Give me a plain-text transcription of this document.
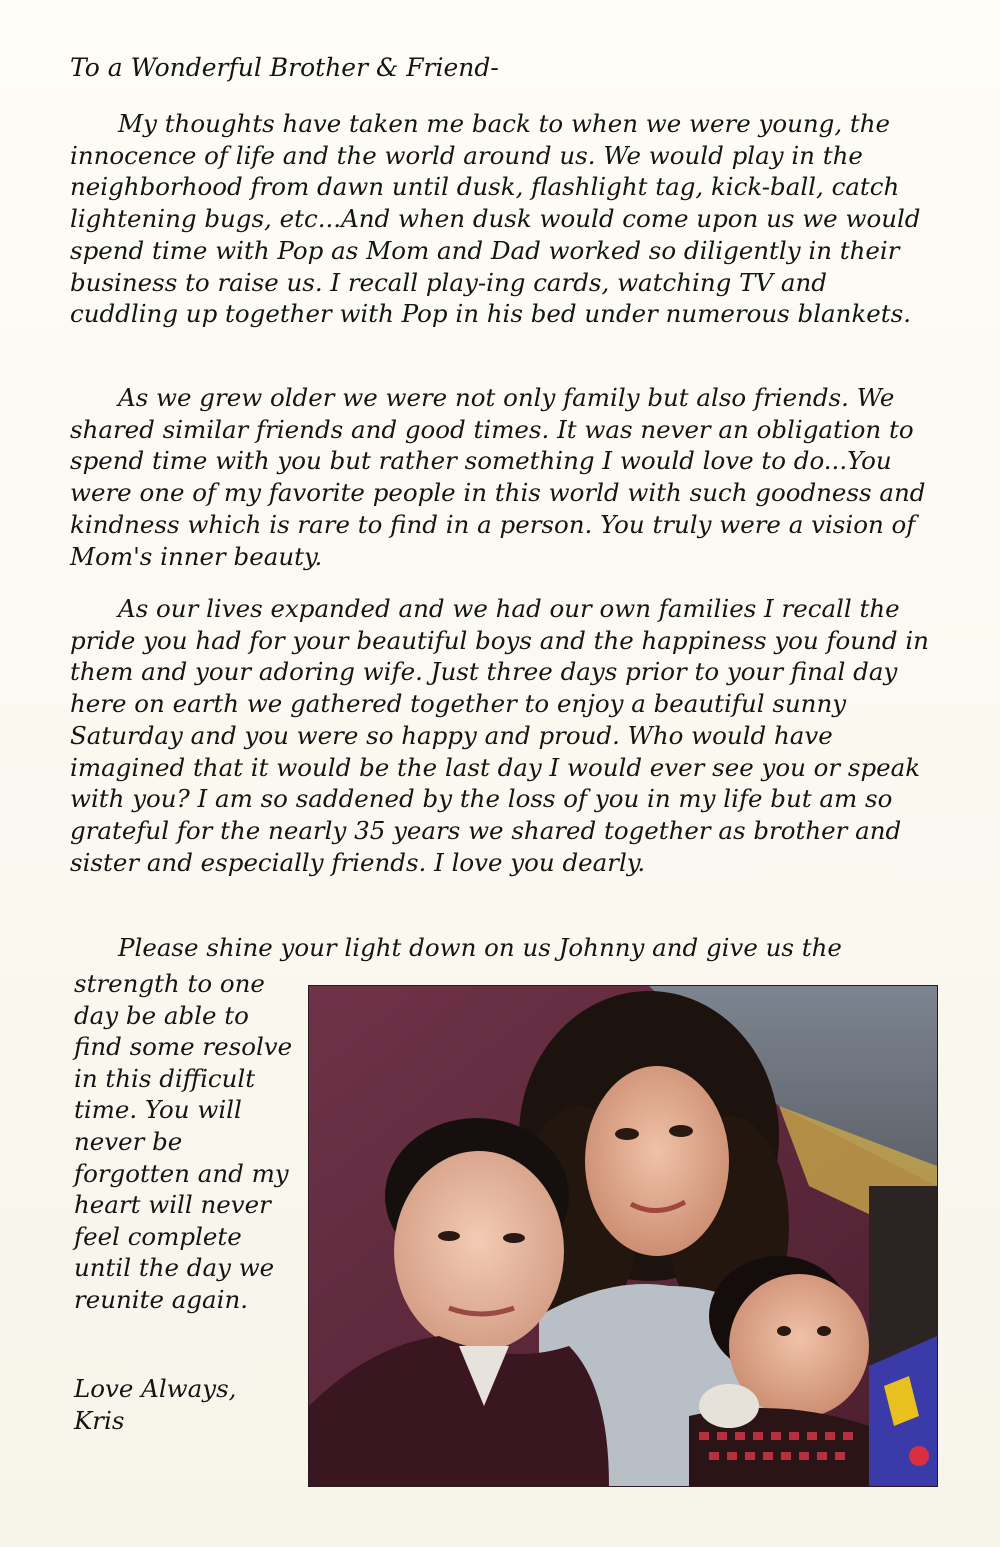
To a Wonderful Brother & Friend-

My thoughts have taken me back to when we were young, the innocence of life and the world around us. We would play in the neighborhood from dawn until dusk, flashlight tag, kick-ball, catch lightening bugs, etc...And when dusk would come upon us we would spend time with Pop as Mom and Dad worked so diligently in their business to raise us. I recall play-ing cards, watching TV and cuddling up together with Pop in his bed under numerous blankets.

As we grew older we were not only family but also friends. We shared similar friends and good times. It was never an obligation to spend time with you but rather something I would love to do...You were one of my favorite people in this world with such goodness and kindness which is rare to find in a person. You truly were a vision of Mom's inner beauty.

As our lives expanded and we had our own families I recall the pride you had for your beautiful boys and the happiness you found in them and your adoring wife. Just three days prior to your final day here on earth we gathered together to enjoy a beautiful sunny Saturday and you were so happy and proud. Who would have imagined that it would be the last day I would ever see you or speak with you? I am so saddened by the loss of you in my life but am so grateful for the nearly 35 years we shared together as brother and sister and especially friends. I love you dearly.

Please shine your light down on us Johnny and give us the

strength to one day be able to find some resolve in this difficult time. You will never be forgotten and my heart will never feel complete until the day we reunite again.

Love Always,
Kris
